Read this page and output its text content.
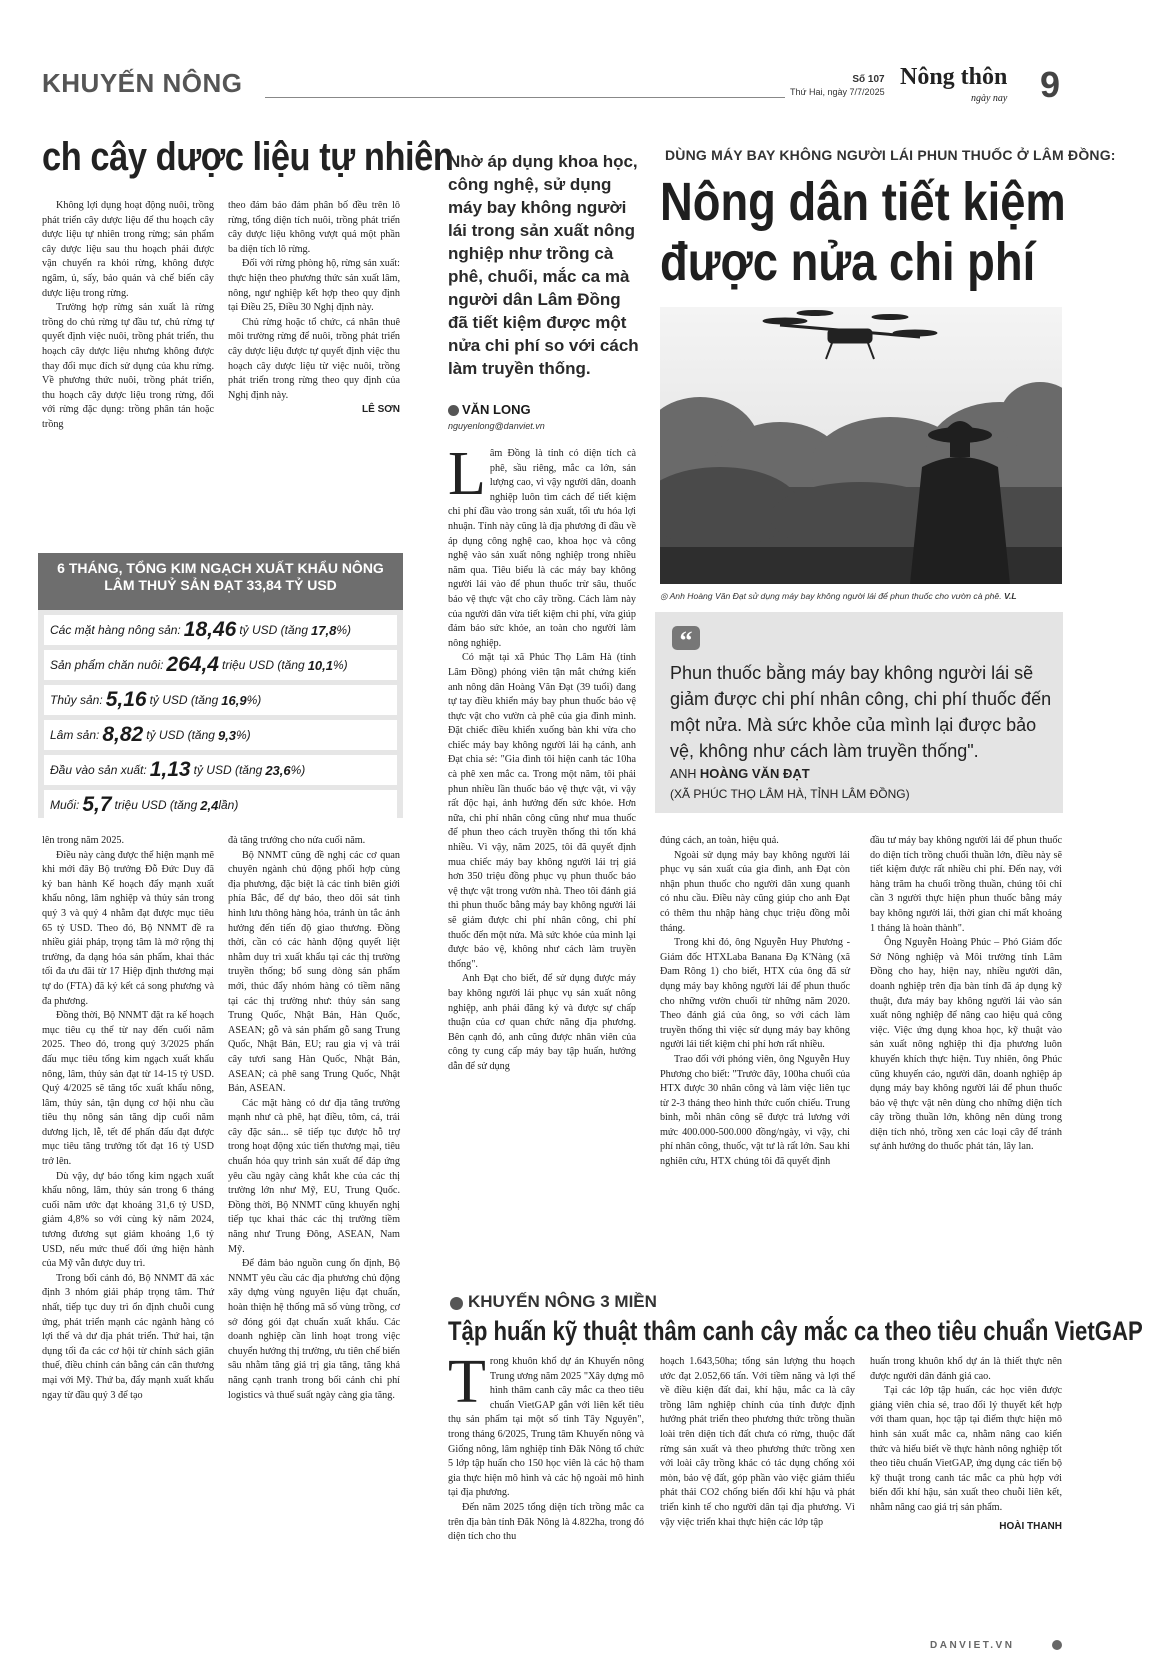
KHUYẾN NÔNG	Số 107
Thứ Hai, ngày 7/7/2025
Nông thôn
ngày nay 9
ch cây dược liệu tự nhiên

Không lợi dụng hoạt động nuôi, trồng phát triển cây dược liệu để thu hoạch cây dược liệu tự nhiên trong rừng; sản phẩm cây dược liệu sau thu hoạch phải được vận chuyển ra khỏi rừng, không được ngâm, ủ, sấy, bảo quản và chế biến cây dược liệu trong rừng.

Trường hợp rừng sản xuất là rừng trồng do chủ rừng tự đầu tư, chủ rừng tự quyết định việc nuôi, trồng phát triển, thu hoạch cây dược liệu nhưng không được thay đổi mục đích sử dụng của khu rừng. Về phương thức nuôi, trồng phát triển, thu hoạch cây dược liệu trong rừng, đối với rừng đặc dụng: trồng phân tán hoặc trồng

theo đám bảo đảm phân bố đều trên lô rừng, tổng diện tích nuôi, trồng phát triển cây dược liệu không vượt quá một phần ba diện tích lô rừng.

Đối với rừng phòng hộ, rừng sản xuất: thực hiện theo phương thức sản xuất lâm, nông, ngư nghiệp kết hợp theo quy định tại Điều 25, Điều 30 Nghị định này.

Chủ rừng hoặc tổ chức, cá nhân thuê môi trường rừng để nuôi, trồng phát triển cây dược liệu được tự quyết định việc thu hoạch cây dược liệu từ việc nuôi, trồng phát triển trong rừng theo quy định của Nghị định này.

LÊ SƠN
6 THÁNG, TỔNG KIM NGẠCH XUẤT KHẨU NÔNG LÂM THUỶ SẢN ĐẠT 33,84 TỶ USD
Các mặt hàng nông sản: 18,46 tỷ USD (tăng 17,8 %)
Sản phẩm chăn nuôi: 264,4 triệu USD (tăng 10,1 %)
Thủy sản: 5,16 tỷ USD (tăng 16,9 %)
Lâm sản: 8,82 tỷ USD (tăng 9,3 %)
Đầu vào sản xuất: 1,13 tỷ USD (tăng 23,6 %)
Muối: 5,7 triệu USD (tăng 2,4 lần)

lên trong năm 2025.

Điều này càng được thể hiện mạnh mẽ khi mới đây Bộ trưởng Đỗ Đức Duy đã ký ban hành Kế hoạch đẩy mạnh xuất khẩu nông, lâm nghiệp và thủy sản trong quý 3 và quý 4 nhằm đạt được mục tiêu 65 tỷ USD. Theo đó, Bộ NNMT đề ra nhiều giải pháp, trọng tâm là mở rộng thị trường, đa dạng hóa sản phẩm, khai thác tối đa ưu đãi từ 17 Hiệp định thương mại tự do (FTA) đã ký kết cả song phương và đa phương.

Đồng thời, Bộ NNMT đặt ra kế hoạch mục tiêu cụ thể từ nay đến cuối năm 2025. Theo đó, trong quý 3/2025 phấn đấu mục tiêu tổng kim ngạch xuất khẩu nông, lâm, thủy sản đạt từ 14-15 tỷ USD. Quý 4/2025 sẽ tăng tốc xuất khẩu nông, lâm, thủy sản, tận dụng cơ hội nhu cầu tiêu thụ nông sản tăng dịp cuối năm dương lịch, lễ, tết để phấn đấu đạt được mục tiêu tăng trưởng tốt đạt 16 tỷ USD trở lên.

Dù vậy, dự báo tổng kim ngạch xuất khẩu nông, lâm, thủy sản trong 6 tháng cuối năm ước đạt khoảng 31,6 tỷ USD, giảm 4,8% so với cùng kỳ năm 2024, tương đương sụt giảm khoảng 1,6 tỷ USD, nếu mức thuế đối ứng hiện hành của Mỹ vẫn được duy trì.

Trong bối cảnh đó, Bộ NNMT đã xác định 3 nhóm giải pháp trọng tâm. Thứ nhất, tiếp tục duy trì ổn định chuỗi cung ứng, phát triển mạnh các ngành hàng có lợi thế và dư địa phát triển. Thứ hai, tận dụng tối đa các cơ hội từ chính sách giãn thuế, điều chỉnh cán bằng cán cân thương mại với Mỹ. Thứ ba, đẩy mạnh xuất khẩu ngay từ đầu quý 3 để tạo

đà tăng trưởng cho nửa cuối năm.

Bộ NNMT cũng đề nghị các cơ quan chuyên ngành chủ động phối hợp cùng địa phương, đặc biệt là các tỉnh biên giới phía Bắc, để dự báo, theo dõi sát tình hình lưu thông hàng hóa, tránh ùn tắc ảnh hưởng đến tiến độ giao thương. Đồng thời, cần có các hành động quyết liệt nhằm duy trì xuất khẩu tại các thị trường truyền thống; bổ sung dòng sản phẩm mới, thúc đẩy nhóm hàng có tiềm năng tại các thị trường như: thủy sản sang Trung Quốc, Nhật Bản, Hàn Quốc, ASEAN; gỗ và sản phẩm gỗ sang Trung Quốc, Nhật Bản, EU; rau gia vị và trái cây tươi sang Hàn Quốc, Nhật Bản, ASEAN; cà phê sang Trung Quốc, Nhật Bản, ASEAN.

Các mặt hàng có dư địa tăng trưởng mạnh như cà phê, hạt điều, tôm, cá, trái cây đặc sản... sẽ tiếp tục được hỗ trợ trong hoạt động xúc tiến thương mại, tiêu chuẩn hóa quy trình sản xuất để đáp ứng yêu cầu ngày càng khắt khe của các thị trường lớn như Mỹ, EU, Trung Quốc. Đồng thời, Bộ NNMT cũng khuyến nghị tiếp tục khai thác các thị trường tiềm năng như Trung Đông, ASEAN, Nam Mỹ.

Để đảm bảo nguồn cung ổn định, Bộ NNMT yêu cầu các địa phương chủ động xây dựng vùng nguyên liệu đạt chuẩn, hoàn thiện hệ thống mã số vùng trồng, cơ sở đóng gói đạt chuẩn xuất khẩu. Các doanh nghiệp cần linh hoạt trong việc chuyển hướng thị trường, ưu tiên chế biến sâu nhằm tăng giá trị gia tăng, tăng khả năng cạnh tranh trong bối cảnh chi phí logistics và thuế suất ngày càng gia tăng.

Nhờ áp dụng khoa học, công nghệ, sử dụng máy bay không người lái trong sản xuất nông nghiệp như trồng cà phê, chuối, mắc ca mà người dân Lâm Đồng đã tiết kiệm được một nửa chi phí so với cách làm truyền thống.
VĂN LONG
nguyenlong@danviet.vn

Lâm Đồng là tỉnh có diện tích cà phê, sầu riêng, mắc ca lớn, sản lượng cao, vì vậy người dân, doanh nghiệp luôn tìm cách để tiết kiệm chi phí đầu vào trong sản xuất, tối ưu hóa lợi nhuận. Tỉnh này cũng là địa phương đi đầu về áp dụng công nghệ cao, khoa học và công nghệ vào sản xuất nông nghiệp trong nhiều năm qua. Tiêu biểu là các máy bay không người lái vào để phun thuốc trừ sâu, thuốc bảo vệ thực vật cho cây trồng. Cách làm này của người dân vừa tiết kiệm chi phí, vừa giúp đảm bảo sức khỏe, an toàn cho người làm nông nghiệp.

Có mặt tại xã Phúc Thọ Lâm Hà (tỉnh Lâm Đồng) phóng viên tận mắt chứng kiến anh nông dân Hoàng Văn Đạt (39 tuổi) đang tự tay điều khiển máy bay phun thuốc bảo vệ thực vật cho vườn cà phê của gia đình mình. Đặt chiếc điều khiển xuống bàn khi vừa cho chiếc máy bay không người lái hạ cánh, anh Đạt chia sẻ: "Gia đình tôi hiện canh tác 10ha cà phê xen mắc ca. Trong một năm, tôi phải phun nhiều lần thuốc bảo vệ thực vật, vì vậy rất độc hại, ảnh hưởng đến sức khỏe. Hơn nữa, chi phí nhân công cũng như mua thuốc để phun theo cách truyền thống thì tốn khá nhiều. Vì vậy, năm 2025, tôi đã quyết định mua chiếc máy bay không người lái trị giá hơn 350 triệu đồng phục vụ phun thuốc bảo vệ thực vật trong vườn nhà. Theo tôi đánh giá thì phun thuốc bằng máy bay không người lái sẽ giảm được chi phí nhân công, chi phí thuốc đến một nửa. Mà sức khỏe của mình lại được bảo vệ, không như cách làm truyền thống".

Anh Đạt cho biết, để sử dụng được máy bay không người lái phục vụ sản xuất nông nghiệp, anh phải đăng ký và được sự chấp thuận của cơ quan chức năng địa phương. Bên cạnh đó, anh cũng được nhân viên của công ty cung cấp máy bay tập huấn, hướng dẫn để sử dụng

DÙNG MÁY BAY KHÔNG NGƯỜI LÁI PHUN THUỐC Ở LÂM ĐỒNG:
Nông dân tiết kiệm được nửa chi phí
◎ Anh Hoàng Văn Đạt sử dụng máy bay không người lái để phun thuốc cho vườn cà phê. V.L
“
Phun thuốc bằng máy bay không người lái sẽ giảm được chi phí nhân công, chi phí thuốc đến một nửa. Mà sức khỏe của mình lại được bảo vệ, không như cách làm truyền thống".
ANH HOÀNG VĂN ĐẠT
(XÃ PHÚC THỌ LÂM HÀ, TỈNH LÂM ĐỒNG)

đúng cách, an toàn, hiệu quả.

Ngoài sử dụng máy bay không người lái phục vụ sản xuất của gia đình, anh Đạt còn nhận phun thuốc cho người dân xung quanh có nhu cầu. Điều này cũng giúp cho anh Đạt có thêm thu nhập hàng chục triệu đồng mỗi tháng.

Trong khi đó, ông Nguyễn Huy Phương - Giám đốc HTXLaba Banana Đạ K'Nàng (xã Đam Rông 1) cho biết, HTX của ông đã sử dụng máy bay không người lái để phun thuốc cho những vườn chuối từ những năm 2020. Theo đánh giá của ông, so với cách làm truyền thống thì việc sử dụng máy bay không người lái tiết kiệm chi phí hơn rất nhiều.

Trao đổi với phóng viên, ông Nguyễn Huy Phương cho biết: "Trước đây, 100ha chuối của HTX được 30 nhân công và làm việc liên tục từ 2-3 tháng theo hình thức cuốn chiếu. Trung bình, mỗi nhân công sẽ được trả lương với mức 400.000-500.000 đồng/ngày, vì vậy, chi phí nhân công, thuốc, vật tư là rất lớn. Sau khi nghiên cứu, HTX chúng tôi đã quyết định

đầu tư máy bay không người lái để phun thuốc do diện tích trồng chuối thuần lớn, điều này sẽ tiết kiệm được rất nhiều chi phí. Đến nay, với hàng trăm ha chuối trồng thuần, chúng tôi chỉ cần 3 người thực hiện phun thuốc bằng máy bay không người lái, thời gian chỉ mất khoảng 1 tháng là hoàn thành".

Ông Nguyễn Hoàng Phúc – Phó Giám đốc Sở Nông nghiệp và Môi trường tỉnh Lâm Đồng cho hay, hiện nay, nhiều người dân, doanh nghiệp trên địa bàn tỉnh đã áp dụng kỹ thuật, đưa máy bay không người lái vào sản xuất nông nghiệp để nâng cao hiệu quả công việc. Việc ứng dụng khoa học, kỹ thuật vào sản xuất nông nghiệp thì địa phương luôn khuyến khích thực hiện. Tuy nhiên, ông Phúc cũng khuyến cáo, người dân, doanh nghiệp áp dụng máy bay không người lái để phun thuốc bảo vệ thực vật nên dùng cho những diện tích cây trồng thuần lớn, không nên dùng trong diện tích nhỏ, trồng xen các loại cây để tránh sự ảnh hưởng do thuốc phát tán, lây lan.

KHUYẾN NÔNG 3 MIỀN
Tập huấn kỹ thuật thâm canh cây mắc ca theo tiêu chuẩn VietGAP

Trong khuôn khổ dự án Khuyến nông Trung ương năm 2025 "Xây dựng mô hình thâm canh cây mắc ca theo tiêu chuẩn VietGAP gắn với liên kết tiêu thụ sản phẩm tại một số tỉnh Tây Nguyên", trong tháng 6/2025, Trung tâm Khuyến nông và Giống nông, lâm nghiệp tỉnh Đăk Nông tổ chức 5 lớp tập huấn cho 150 học viên là các hộ tham gia thực hiện mô hình và các hộ ngoài mô hình tại địa phương.

Đến năm 2025 tổng diện tích trồng mắc ca trên địa bàn tỉnh Đăk Nông là 4.822ha, trong đó diện tích cho thu

hoạch 1.643,50ha; tổng sản lượng thu hoạch ước đạt 2.052,66 tấn. Với tiềm năng và lợi thế về điều kiện đất đai, khí hậu, mắc ca là cây trồng lâm nghiệp chính của tỉnh được định hướng phát triển theo phương thức trồng thuần loài trên diện tích đất chưa có rừng, thuộc đất rừng sản xuất và theo phương thức trồng xen với loài cây trồng khác có tác dụng chống xói mòn, bảo vệ đất, góp phần vào việc giảm thiểu phát thải CO2 chống biến đổi khí hậu và phát triển kinh tế cho người dân tại địa phương. Vì vậy việc triển khai thực hiện các lớp tập

huấn trong khuôn khổ dự án là thiết thực nên được người dân đánh giá cao.

Tại các lớp tập huấn, các học viên được giảng viên chia sẻ, trao đổi lý thuyết kết hợp với tham quan, học tập tại điểm thực hiện mô hình sản xuất mắc ca, nhằm nâng cao kiến thức và hiểu biết về thực hành nông nghiệp tốt theo tiêu chuẩn VietGAP, ứng dụng các tiến bộ kỹ thuật trong canh tác mắc ca phù hợp với biến đổi khí hậu, sản xuất theo chuỗi liên kết, nhằm nâng cao giá trị sản phẩm.

HOÀI THANH
DANVIET.VN
